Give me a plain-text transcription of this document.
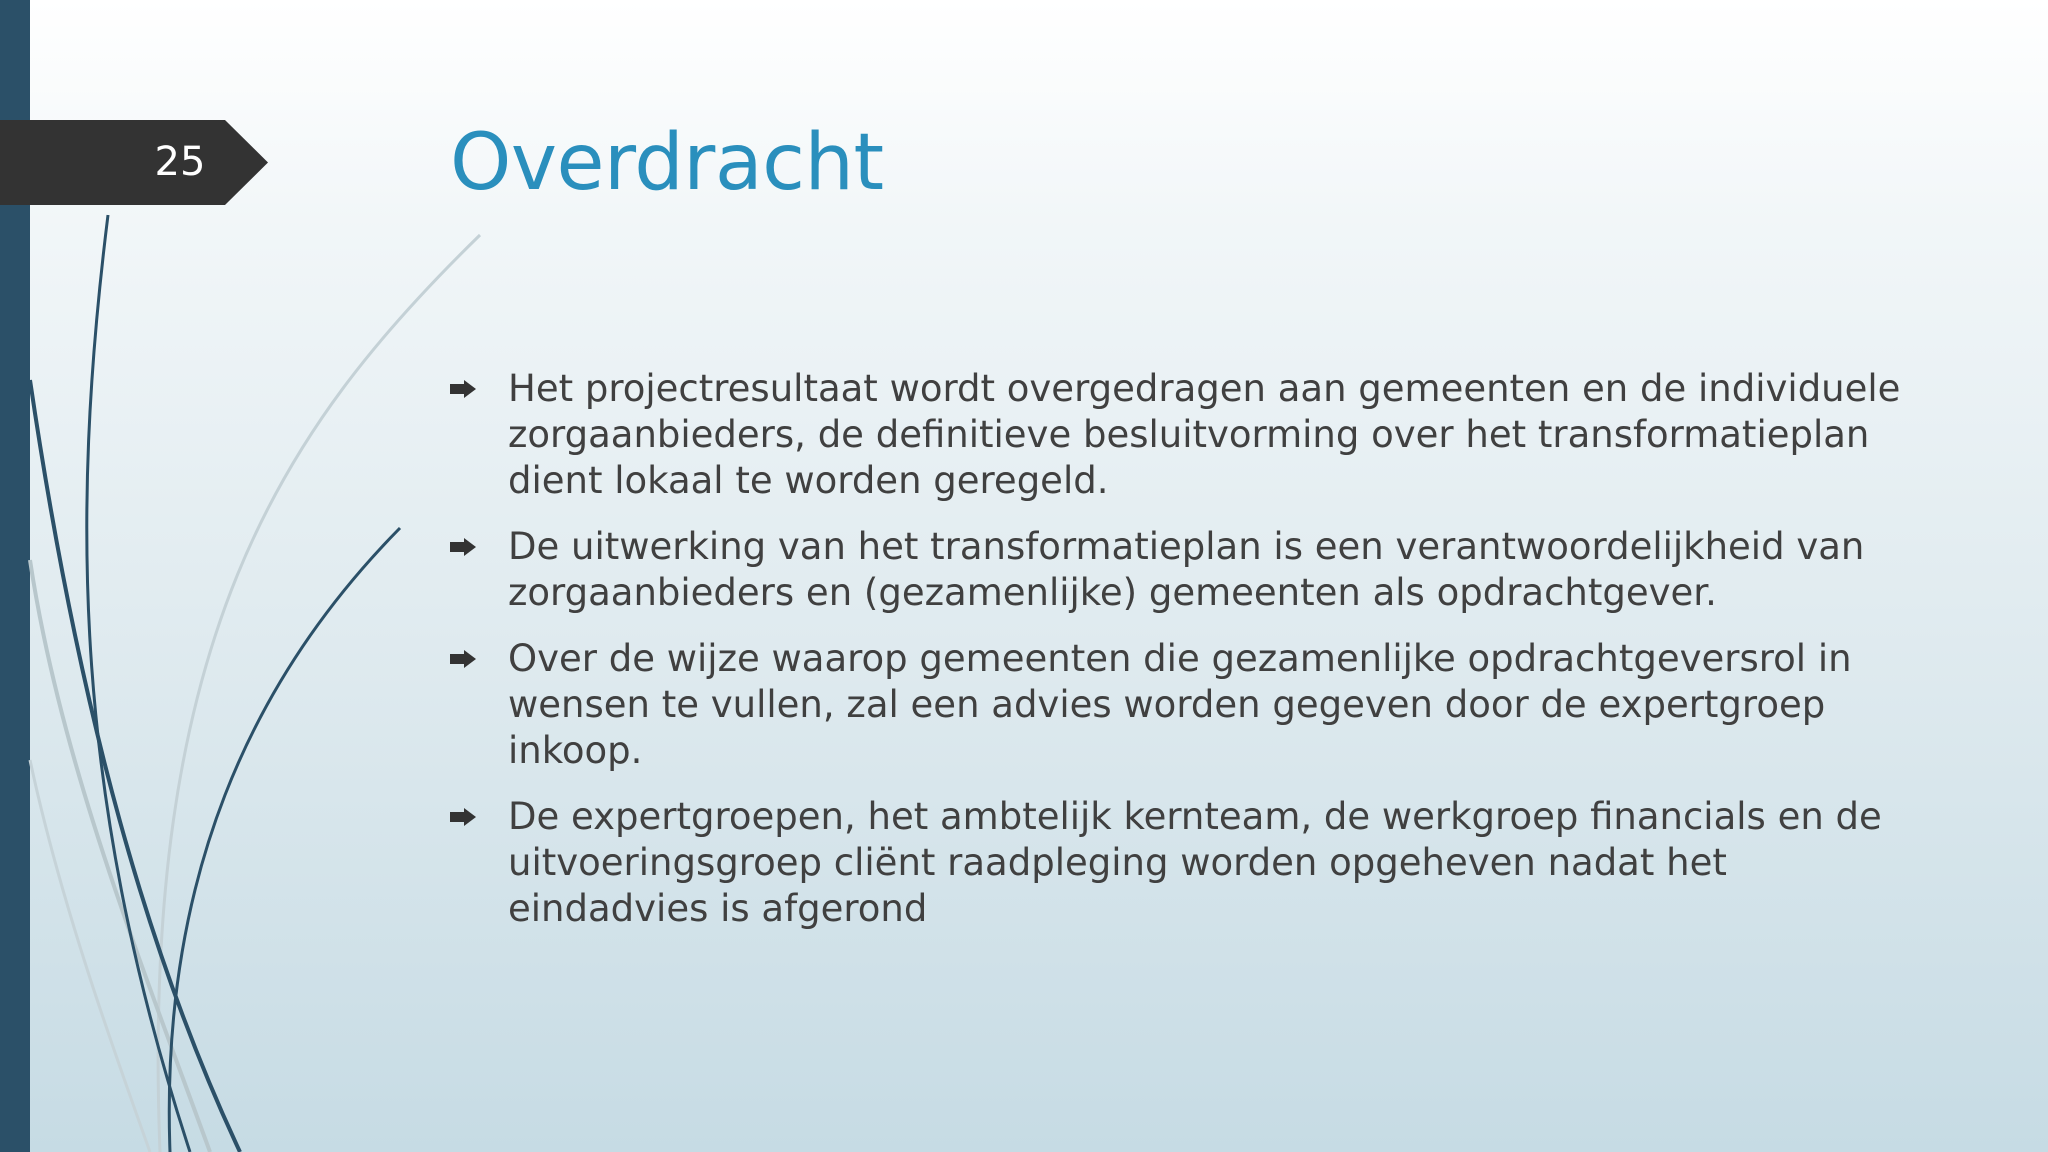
25	Overdracht
Het projectresultaat wordt overgedragen aan gemeenten en de individuele zorgaanbieders, de definitieve besluitvorming over het transformatieplan dient lokaal te worden geregeld.
De uitwerking van het transformatieplan is een verantwoordelijkheid van zorgaanbieders en (gezamenlijke) gemeenten als opdrachtgever.
Over de wijze waarop gemeenten die gezamenlijke opdrachtgeversrol in wensen te vullen, zal een advies worden gegeven door de expertgroep inkoop.
De expertgroepen, het ambtelijk kernteam, de werkgroep financials en de uitvoeringsgroep cliënt raadpleging worden opgeheven nadat het eindadvies is afgerond
